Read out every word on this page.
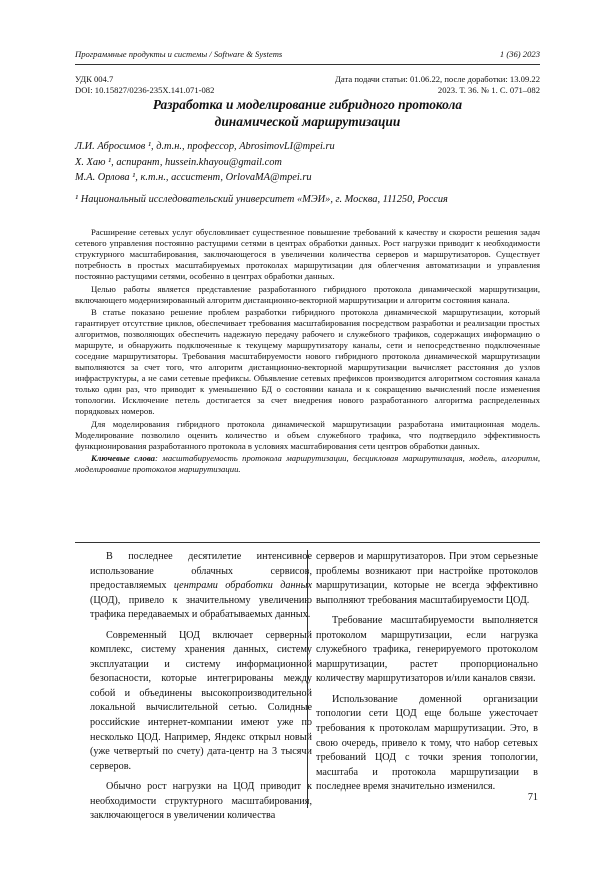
Программные продукты и системы / Software & Systems	1 (36) 2023
УДК 004.7	Дата подачи статьи: 01.06.22, после доработки: 13.09.22
DOI: 10.15827/0236-235X.141.071-082	2023. Т. 36. № 1. С. 071–082
Разработка и моделирование гибридного протокола
динамической маршрутизации
Л.И. Абросимов ¹, д.т.н., профессор, AbrosimovLI@mpei.ru
Х. Хаю ¹, аспирант, hussein.khayou@gmail.com
М.А. Орлова ¹, к.т.н., ассистент, OrlovaMA@mpei.ru
¹ Национальный исследовательский университет «МЭИ», г. Москва, 111250, Россия

Расширение сетевых услуг обусловливает существенное повышение требований к качеству и скорости решения задач сетевого управления постоянно растущими сетями в центрах обработки данных. Рост нагрузки приводит к необходимости структурного масштабирования, заключающегося в увеличении количества серверов и маршрутизаторов. Существует потребность в простых масштабируемых протоколах маршрутизации для облегчения автоматизации и управления постоянно растущими сетями, особенно в центрах обработки данных.

Целью работы является представление разработанного гибридного протокола динамической маршрутизации, включающего модернизированный алгоритм дистанционно-векторной маршрутизации и алгоритм состояния канала.

В статье показано решение проблем разработки гибридного протокола динамической маршрутизации, который гарантирует отсутствие циклов, обеспечивает требования масштабирования посредством разработки и реализации простых алгоритмов, позволяющих обеспечить надежную передачу рабочего и служебного трафиков, содержащих информацию о маршруте, и обнаружить подключенные к текущему маршрутизатору каналы, сети и непосредственно подключенные соседние маршрутизаторы. Требования масштабируемости нового гибридного протокола динамической маршрутизации выполняются за счет того, что алгоритм дистанционно-векторной маршрутизации вычисляет расстояния до узлов инфраструктуры, а не сами сетевые префиксы. Объявление сетевых префиксов производится алгоритмом состояния канала только один раз, что приводит к уменьшению БД о состоянии канала и к сокращению вычислений после изменения топологии. Исключение петель достигается за счет внедрения нового разработанного алгоритма распределенных порядковых номеров.

Для моделирования гибридного протокола динамической маршрутизации разработана имитационная модель. Моделирование позволило оценить количество и объем служебного трафика, что подтвердило эффективность функционирования разработанного протокола в условиях масштабирования сети центров обработки данных.

Ключевые слова: масштабируемость протокола маршрутизации, бесцикловая маршрутизация, модель, алгоритм, моделирование протоколов маршрутизации.

В последнее десятилетие интенсивное использование облачных сервисов, предоставляемых центрами обработки данных (ЦОД), привело к значительному увеличению трафика передаваемых и обрабатываемых данных.

Современный ЦОД включает серверный комплекс, систему хранения данных, систему эксплуатации и систему информационной безопасности, которые интегрированы между собой и объединены высокопроизводительной локальной вычислительной сетью. Солидные российские интернет-компании имеют уже по несколько ЦОД. Например, Яндекс открыл новый (уже четвертый по счету) дата-центр на 3 тысячи серверов.

Обычно рост нагрузки на ЦОД приводит к необходимости структурного масштабирования, заключающегося в увеличении количества

серверов и маршрутизаторов. При этом серьезные проблемы возникают при настройке протоколов маршрутизации, которые не всегда эффективно выполняют требования масштабируемости ЦОД.

Требование масштабируемости выполняется протоколом маршрутизации, если нагрузка служебного трафика, генерируемого протоколом маршрутизации, растет пропорционально количеству маршрутизаторов и/или каналов связи.

Использование доменной организации топологии сети ЦОД еще больше ужесточает требования к протоколам маршрутизации. Это, в свою очередь, привело к тому, что набор сетевых требований ЦОД с точки зрения топологии, масштаба и протокола маршрутизации в последнее время значительно изменился.

71
